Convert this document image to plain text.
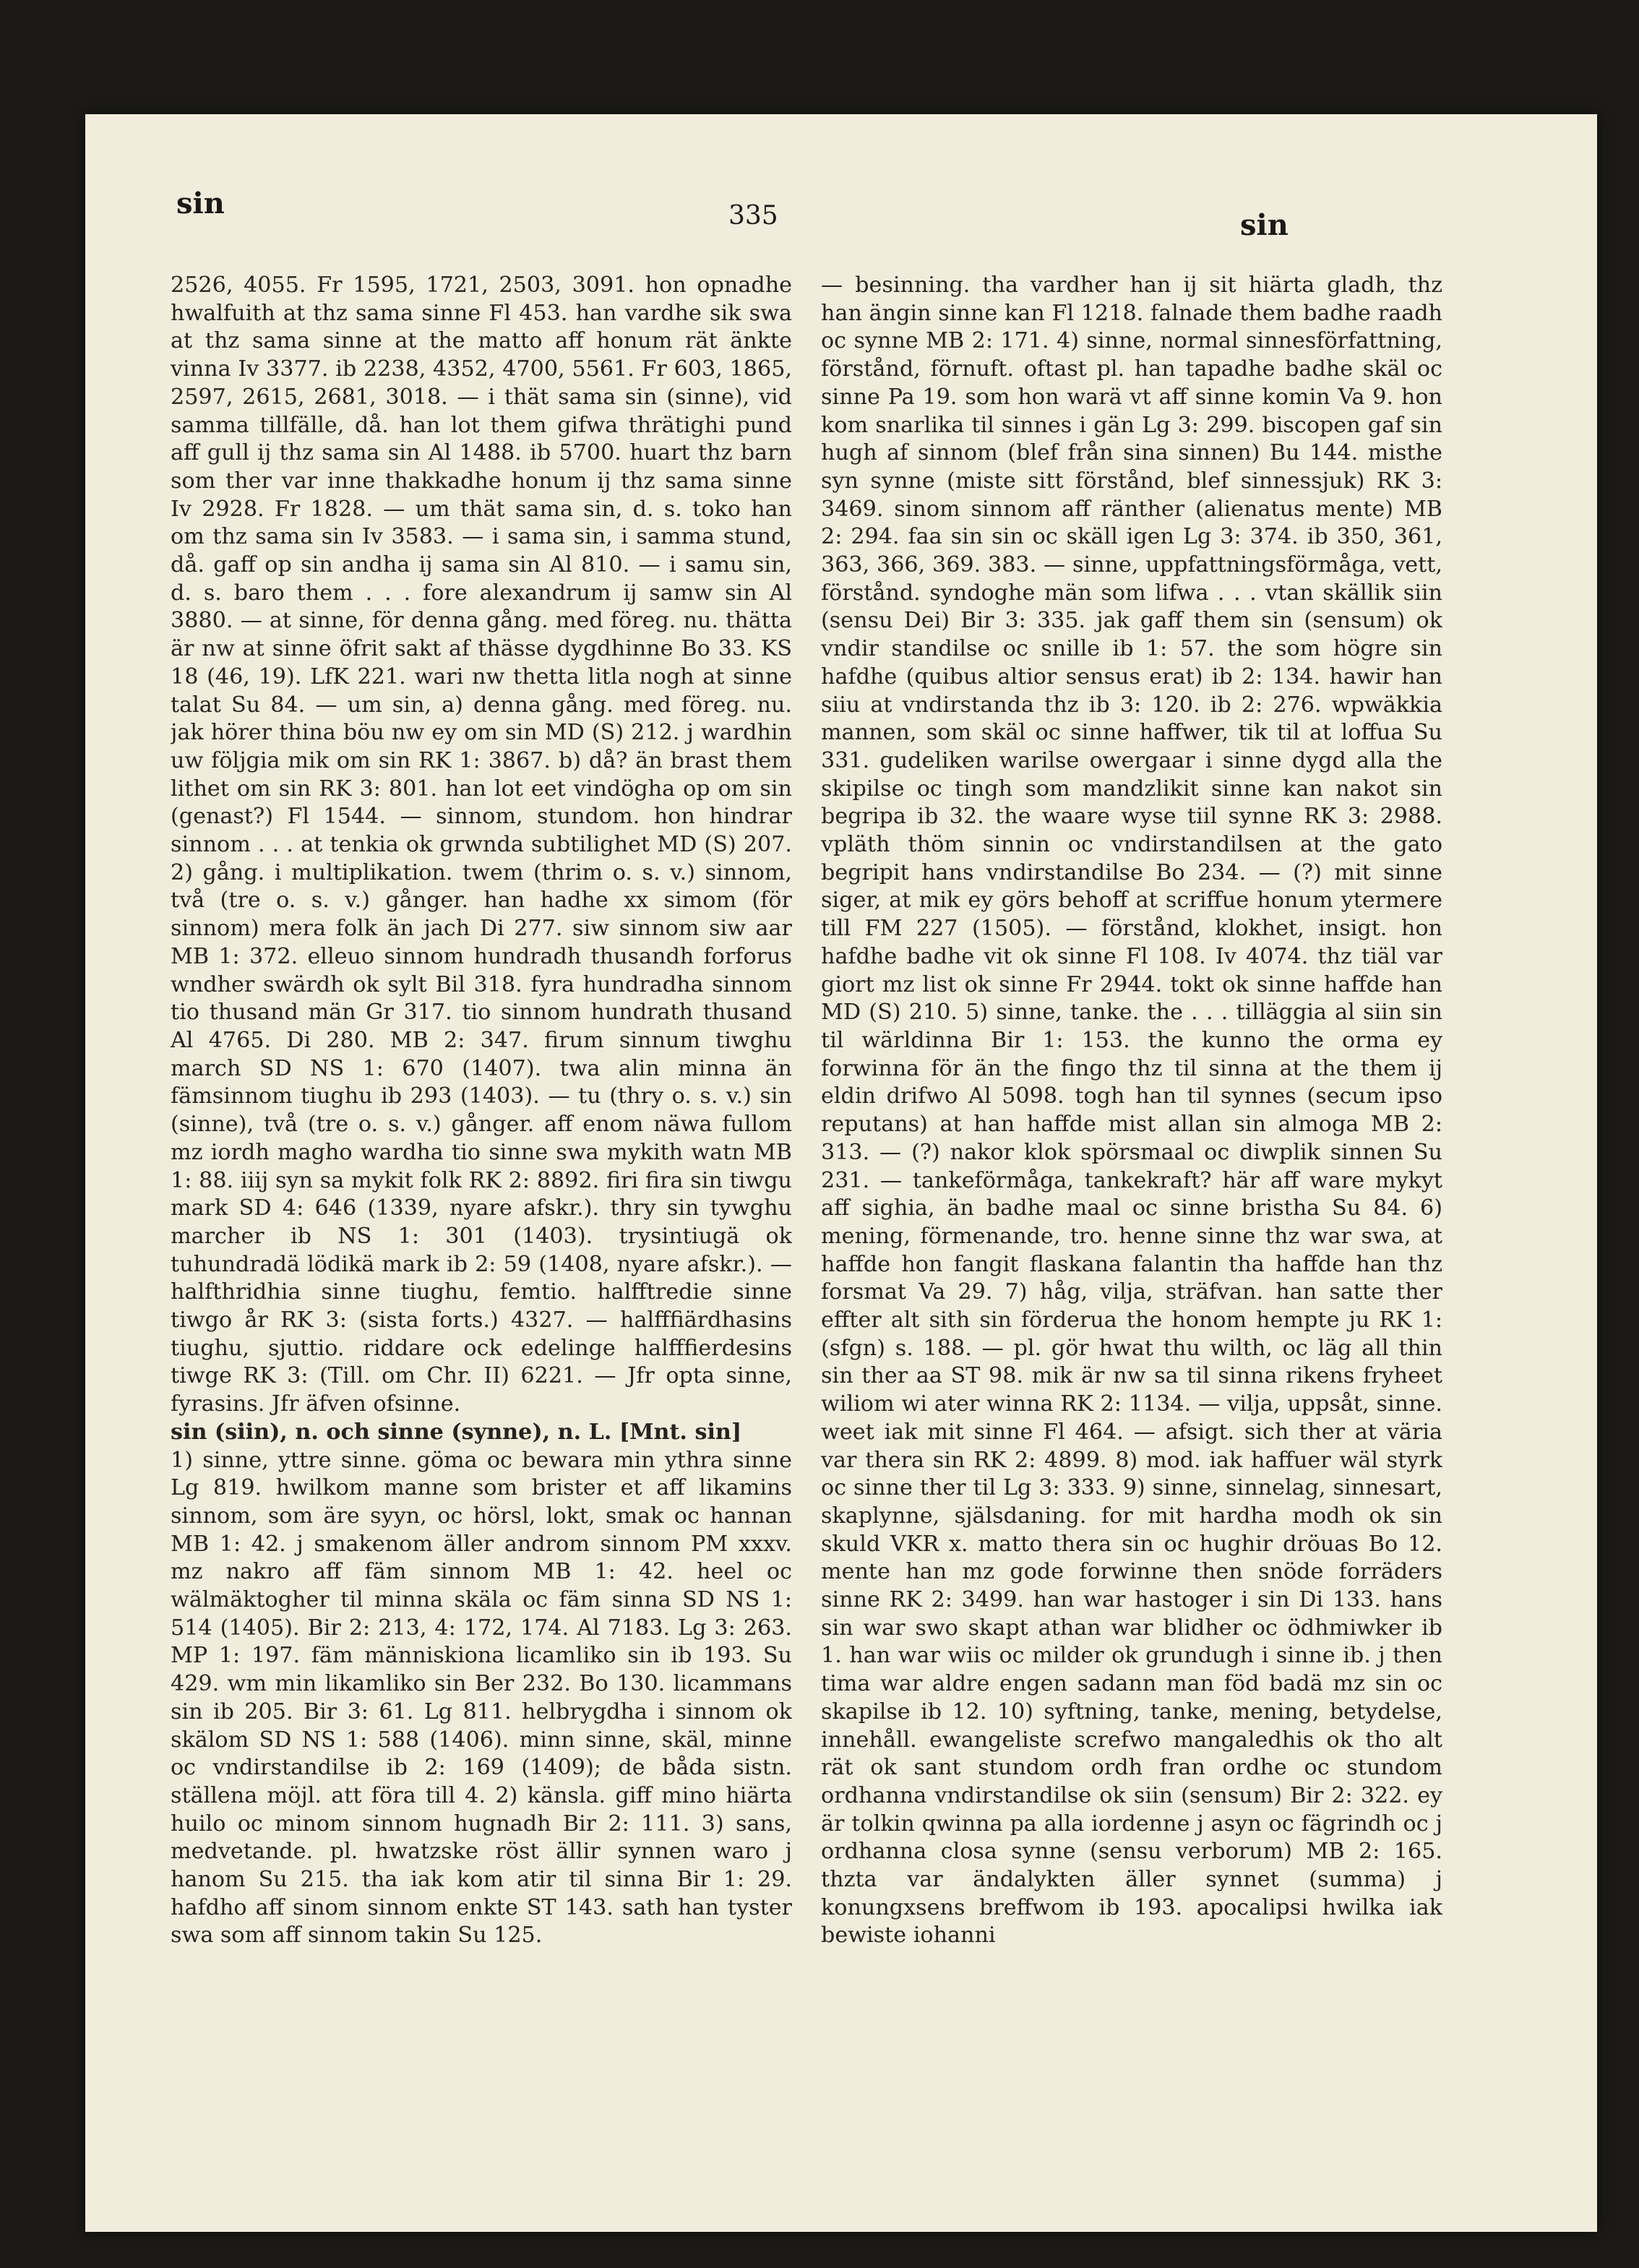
sin	335	sin

2526, 4055. Fr 1595, 1721, 2503, 3091. hon opnadhe hwalfuith at thz sama sinne Fl 453. han vardhe sik swa at thz sama sinne at the matto aff honum rät änkte vinna Iv 3377. ib 2238, 4352, 4700, 5561. Fr 603, 1865, 2597, 2615, 2681, 3018. — i thät sama sin (sinne), vid samma tillfälle, då. han lot them gifwa thrätighi pund aff gull ij thz sama sin Al 1488. ib 5700. huart thz barn som ther var inne thakkadhe honum ij thz sama sinne Iv 2928. Fr 1828. — um thät sama sin, d. s. toko han om thz sama sin Iv 3583. — i sama sin, i samma stund, då. gaff op sin andha ij sama sin Al 810. — i samu sin, d. s. baro them . . . fore alexandrum ij samw sin Al 3880. — at sinne, för denna gång. med föreg. nu. thätta är nw at sinne öfrit sakt af thässe dygdhinne Bo 33. KS 18 (46, 19). LfK 221. wari nw thetta litla nogh at sinne talat Su 84. — um sin, a) denna gång. med föreg. nu. jak hörer thina böu nw ey om sin MD (S) 212. j wardhin uw följgia mik om sin RK 1: 3867. b) då? än brast them lithet om sin RK 3: 801. han lot eet vindögha op om sin (genast?) Fl 1544. — sinnom, stundom. hon hindrar sinnom . . . at tenkia ok grwnda subtilighet MD (S) 207. 2) gång. i multiplikation. twem (thrim o. s. v.) sinnom, två (tre o. s. v.) gånger. han hadhe xx simom (för sinnom) mera folk än jach Di 277. siw sinnom siw aar MB 1: 372. elleuo sinnom hundradh thusandh forforus wndher swärdh ok sylt Bil 318. fyra hundradha sinnom tio thusand män Gr 317. tio sinnom hundrath thusand Al 4765. Di 280. MB 2: 347. firum sinnum tiwghu march SD NS 1: 670 (1407). twa alin minna än fämsinnom tiughu ib 293 (1403). — tu (thry o. s. v.) sin (sinne), två (tre o. s. v.) gånger. aff enom näwa fullom mz iordh magho wardha tio sinne swa mykith watn MB 1: 88. iiij syn sa mykit folk RK 2: 8892. firi fira sin tiwgu mark SD 4: 646 (1339, nyare afskr.). thry sin tywghu marcher ib NS 1: 301 (1403). trysintiugä ok tuhundradä lödikä mark ib 2: 59 (1408, nyare afskr.). — halfthridhia sinne tiughu, femtio. halfftredie sinne tiwgo år RK 3: (sista forts.) 4327. — halfffiärdhasins tiughu, sjuttio. riddare ock edelinge halfffierdesins tiwge RK 3: (Till. om Chr. II) 6221. — Jfr opta sinne, fyrasins. Jfr äfven ofsinne.

sin (siin), n. och sinne (synne), n. L. [Mnt. sin]

1) sinne, yttre sinne. göma oc bewara min ythra sinne Lg 819. hwilkom manne som brister et aff likamins sinnom, som äre syyn, oc hörsl, lokt, smak oc hannan MB 1: 42. j smakenom äller androm sinnom PM xxxv. mz nakro aff fäm sinnom MB 1: 42. heel oc wälmäktogher til minna skäla oc fäm sinna SD NS 1: 514 (1405). Bir 2: 213, 4: 172, 174. Al 7183. Lg 3: 263. MP 1: 197. fäm människiona licamliko sin ib 193. Su 429. wm min likamliko sin Ber 232. Bo 130. licammans sin ib 205. Bir 3: 61. Lg 811. helbrygdha i sinnom ok skälom SD NS 1: 588 (1406). minn sinne, skäl, minne oc vndirstandilse ib 2: 169 (1409); de båda sistn. ställena möjl. att föra till 4. 2) känsla. giff mino hiärta huilo oc minom sinnom hugnadh Bir 2: 111. 3) sans, medvetande. pl. hwatzske röst ällir synnen waro j hanom Su 215. tha iak kom atir til sinna Bir 1: 29. hafdho aff sinom sinnom enkte ST 143. sath han tyster swa som aff sinnom takin Su 125.

— besinning. tha vardher han ij sit hiärta gladh, thz han ängin sinne kan Fl 1218. falnade them badhe raadh oc synne MB 2: 171. 4) sinne, normal sinnesförfattning, förstånd, förnuft. oftast pl. han tapadhe badhe skäl oc sinne Pa 19. som hon warä vt aff sinne komin Va 9. hon kom snarlika til sinnes i gän Lg 3: 299. biscopen gaf sin hugh af sinnom (blef från sina sinnen) Bu 144. misthe syn synne (miste sitt förstånd, blef sinnessjuk) RK 3: 3469. sinom sinnom aff ränther (alienatus mente) MB 2: 294. faa sin sin oc skäll igen Lg 3: 374. ib 350, 361, 363, 366, 369. 383. — sinne, uppfattningsförmåga, vett, förstånd. syndoghe män som lifwa . . . vtan skällik siin (sensu Dei) Bir 3: 335. jak gaff them sin (sensum) ok vndir standilse oc snille ib 1: 57. the som högre sin hafdhe (quibus altior sensus erat) ib 2: 134. hawir han siiu at vndirstanda thz ib 3: 120. ib 2: 276. wpwäkkia mannen, som skäl oc sinne haffwer, tik til at loffua Su 331. gudeliken warilse owergaar i sinne dygd alla the skipilse oc tingh som mandzlikit sinne kan nakot sin begripa ib 32. the waare wyse tiil synne RK 3: 2988. vpläth thöm sinnin oc vndirstandilsen at the gato begripit hans vndirstandilse Bo 234. — (?) mit sinne siger, at mik ey görs behoff at scriffue honum ytermere till FM 227 (1505). — förstånd, klokhet, insigt. hon hafdhe badhe vit ok sinne Fl 108. Iv 4074. thz tiäl var giort mz list ok sinne Fr 2944. tokt ok sinne haffde han MD (S) 210. 5) sinne, tanke. the . . . tilläggia al siin sin til wärldinna Bir 1: 153. the kunno the orma ey forwinna för än the fingo thz til sinna at the them ij eldin drifwo Al 5098. togh han til synnes (secum ipso reputans) at han haffde mist allan sin almoga MB 2: 313. — (?) nakor klok spörsmaal oc diwplik sinnen Su 231. — tankeförmåga, tankekraft? här aff ware mykyt aff sighia, än badhe maal oc sinne bristha Su 84. 6) mening, förmenande, tro. henne sinne thz war swa, at haffde hon fangit flaskana falantin tha haffde han thz forsmat Va 29. 7) håg, vilja, sträfvan. han satte ther effter alt sith sin förderua the honom hempte ju RK 1: (sfgn) s. 188. — pl. gör hwat thu wilth, oc läg all thin sin ther aa ST 98. mik är nw sa til sinna rikens fryheet wiliom wi ater winna RK 2: 1134. — vilja, uppsåt, sinne. weet iak mit sinne Fl 464. — afsigt. sich ther at väria var thera sin RK 2: 4899. 8) mod. iak haffuer wäl styrk oc sinne ther til Lg 3: 333. 9) sinne, sinnelag, sinnesart, skaplynne, själsdaning. for mit hardha modh ok sin skuld VKR x. matto thera sin oc hughir dröuas Bo 12. mente han mz gode forwinne then snöde forräders sinne RK 2: 3499. han war hastoger i sin Di 133. hans sin war swo skapt athan war blidher oc ödhmiwker ib 1. han war wiis oc milder ok grundugh i sinne ib. j then tima war aldre engen sadann man föd badä mz sin oc skapilse ib 12. 10) syftning, tanke, mening, betydelse, innehåll. ewangeliste screfwo mangaledhis ok tho alt rät ok sant stundom ordh fran ordhe oc stundom ordhanna vndirstandilse ok siin (sensum) Bir 2: 322. ey är tolkin qwinna pa alla iordenne j asyn oc fägrindh oc j ordhanna closa synne (sensu verborum) MB 2: 165. thzta var ändalykten äller synnet (summa) j konungxsens breffwom ib 193. apocalipsi hwilka iak bewiste iohanni
